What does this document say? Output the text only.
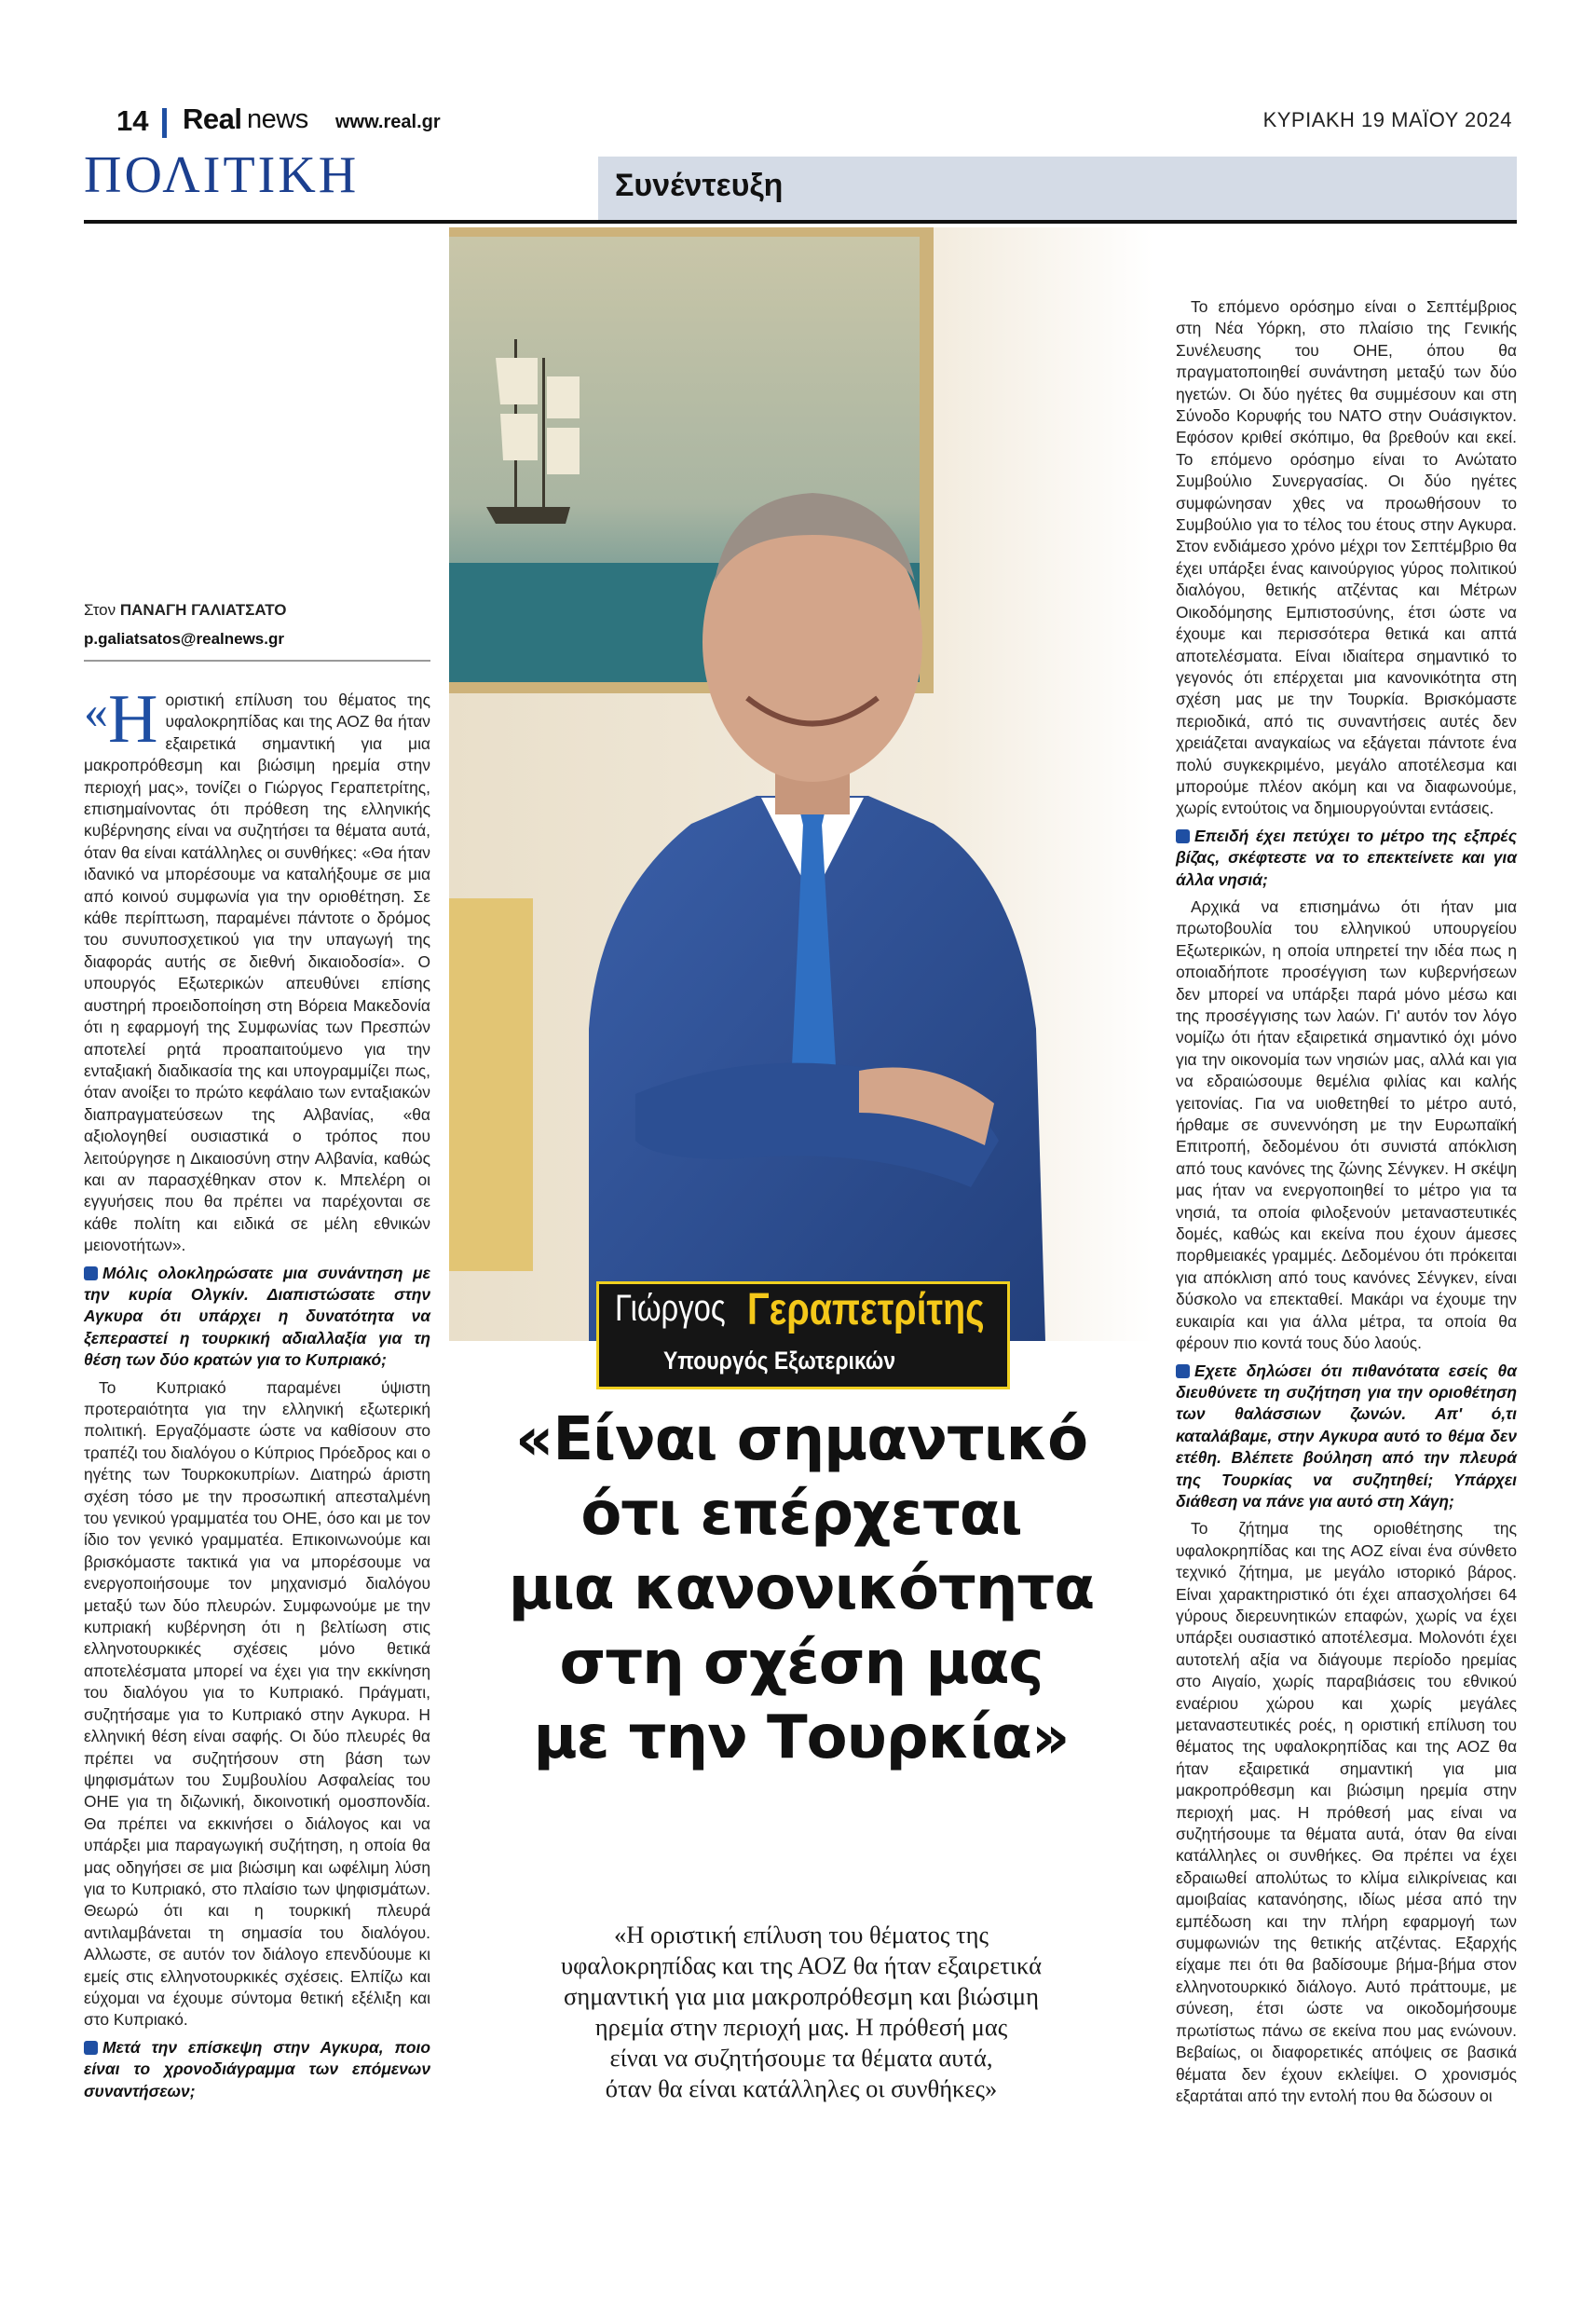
14 Real news www.real.gr	ΚΥΡΙΑΚΗ 19 ΜΑΪΟΥ 2024
ΠΟΛΙΤΙΚΗ	Συνέντευξη
Στον ΠΑΝΑΓΗ ΓΑΛΙΑΤΣΑΤΟ
p.galiatsatos@realnews.gr

« Η οριστική επίλυση του θέματος της υφαλοκρηπίδας και της ΑΟΖ θα ήταν εξαιρετικά σημαντική για μια μακροπρόθεσμη και βιώσιμη ηρεμία στην περιοχή μας», τονίζει ο Γιώργος Γεραπετρίτης, επισημαίνοντας ότι πρόθεση της ελληνικής κυβέρνησης είναι να συζητήσει τα θέματα αυτά, όταν θα είναι κατάλληλες οι συνθήκες: «Θα ήταν ιδανικό να μπορέσουμε να καταλήξουμε σε μια από κοινού συμφωνία για την οριοθέτηση. Σε κάθε περίπτωση, παραμένει πάντοτε ο δρόμος του συνυποσχετικού για την υπαγωγή της διαφοράς αυτής σε διεθνή δικαιοδοσία». Ο υπουργός Εξωτερικών απευθύνει επίσης αυστηρή προειδοποίηση στη Βόρεια Μακεδονία ότι η εφαρμογή της Συμφωνίας των Πρεσπών αποτελεί ρητά προαπαιτούμενο για την ενταξιακή διαδικασία της και υπογραμμίζει πως, όταν ανοίξει το πρώτο κεφάλαιο των ενταξιακών διαπραγματεύσεων της Αλβανίας, «θα αξιολογηθεί ουσιαστικά ο τρόπος που λειτούργησε η Δικαιοσύνη στην Αλβανία, καθώς και αν παρασχέθηκαν στον κ. Μπελέρη οι εγγυήσεις που θα πρέπει να παρέχονται σε κάθε πολίτη και ειδικά σε μέλη εθνικών μειονοτήτων».

Μόλις ολοκληρώσατε μια συνάντηση με την κυρία Ολγκίν. Διαπιστώσατε στην Αγκυρα ότι υπάρχει η δυνατότητα να ξεπεραστεί η τουρκική αδιαλλαξία για τη θέση των δύο κρατών για το Κυπριακό;

Το Κυπριακό παραμένει ύψιστη προτεραιότητα για την ελληνική εξωτερική πολιτική. Εργαζόμαστε ώστε να καθίσουν στο τραπέζι του διαλόγου ο Κύπριος Πρόεδρος και ο ηγέτης των Τουρκοκυπρίων. Διατηρώ άριστη σχέση τόσο με την προσωπική απεσταλμένη του γενικού γραμματέα του ΟΗΕ, όσο και με τον ίδιο τον γενικό γραμματέα. Επικοινωνούμε και βρισκόμαστε τακτικά για να μπορέσουμε να ενεργοποιήσουμε τον μηχανισμό διαλόγου μεταξύ των δύο πλευρών. Συμφωνούμε με την κυπριακή κυβέρνηση ότι η βελτίωση στις ελληνοτουρκικές σχέσεις μόνο θετικά αποτελέσματα μπορεί να έχει για την εκκίνηση του διαλόγου για το Κυπριακό. Πράγματι, συζητήσαμε για το Κυπριακό στην Αγκυρα. Η ελληνική θέση είναι σαφής. Οι δύο πλευρές θα πρέπει να συζητήσουν στη βάση των ψηφισμάτων του Συμβουλίου Ασφαλείας του ΟΗΕ για τη διζωνική, δικοινοτική ομοσπονδία. Θα πρέπει να εκκινήσει ο διάλογος και να υπάρξει μια παραγωγική συζήτηση, η οποία θα μας οδηγήσει σε μια βιώσιμη και ωφέλιμη λύση για το Κυπριακό, στο πλαίσιο των ψηφισμάτων. Θεωρώ ότι και η τουρκική πλευρά αντιλαμβάνεται τη σημασία του διαλόγου. Αλλωστε, σε αυτόν τον διάλογο επενδύουμε κι εμείς στις ελληνοτουρκικές σχέσεις. Ελπίζω και εύχομαι να έχουμε σύντομα θετική εξέλιξη και στο Κυπριακό.

Μετά την επίσκεψη στην Αγκυρα, ποιο είναι το χρονοδιάγραμμα των επόμενων συναντήσεων;

Το επόμενο ορόσημο είναι ο Σεπτέμβριος στη Νέα Υόρκη, στο πλαίσιο της Γενικής Συνέλευσης του ΟΗΕ, όπου θα πραγματοποιηθεί συνάντηση μεταξύ των δύο ηγετών. Οι δύο ηγέτες θα συμμέσουν και στη Σύνοδο Κορυφής του ΝΑΤΟ στην Ουάσιγκτον. Εφόσον κριθεί σκόπιμο, θα βρεθούν και εκεί. Το επόμενο ορόσημο είναι το Ανώτατο Συμβούλιο Συνεργασίας. Οι δύο ηγέτες συμφώνησαν χθες να προωθήσουν το Συμβούλιο για το τέλος του έτους στην Αγκυρα. Στον ενδιάμεσο χρόνο μέχρι τον Σεπτέμβριο θα έχει υπάρξει ένας καινούργιος γύρος πολιτικού διαλόγου, θετικής ατζέντας και Μέτρων Οικοδόμησης Εμπιστοσύνης, έτσι ώστε να έχουμε και περισσότερα θετικά και απτά αποτελέσματα. Είναι ιδιαίτερα σημαντικό το γεγονός ότι επέρχεται μια κανονικότητα στη σχέση μας με την Τουρκία. Βρισκόμαστε περιοδικά, από τις συναντήσεις αυτές δεν χρειάζεται αναγκαίως να εξάγεται πάντοτε ένα πολύ συγκεκριμένο, μεγάλο αποτέλεσμα και μπορούμε πλέον ακόμη και να διαφωνούμε, χωρίς εντούτοις να δημιουργούνται εντάσεις.

Επειδή έχει πετύχει το μέτρο της εξπρές βίζας, σκέφτεστε να το επεκτείνετε και για άλλα νησιά;

Αρχικά να επισημάνω ότι ήταν μια πρωτοβουλία του ελληνικού υπουργείου Εξωτερικών, η οποία υπηρετεί την ιδέα πως η οποιαδήποτε προσέγγιση των κυβερνήσεων δεν μπορεί να υπάρξει παρά μόνο μέσω και της προσέγγισης των λαών. Γι' αυτόν τον λόγο νομίζω ότι ήταν εξαιρετικά σημαντικό όχι μόνο για την οικονομία των νησιών μας, αλλά και για να εδραιώσουμε θεμέλια φιλίας και καλής γειτονίας. Για να υιοθετηθεί το μέτρο αυτό, ήρθαμε σε συνεννόηση με την Ευρωπαϊκή Επιτροπή, δεδομένου ότι συνιστά απόκλιση από τους κανόνες της ζώνης Σένγκεν. Η σκέψη μας ήταν να ενεργοποιηθεί το μέτρο για τα νησιά, τα οποία φιλοξενούν μεταναστευτικές δομές, καθώς και εκείνα που έχουν άμεσες πορθμειακές γραμμές. Δεδομένου ότι πρόκειται για απόκλιση από τους κανόνες Σένγκεν, είναι δύσκολο να επεκταθεί. Μακάρι να έχουμε την ευκαιρία και για άλλα μέτρα, τα οποία θα φέρουν πιο κοντά τους δύο λαούς.

Εχετε δηλώσει ότι πιθανότατα εσείς θα διευθύνετε τη συζήτηση για την οριοθέτηση των θαλάσσιων ζωνών. Απ' ό,τι καταλάβαμε, στην Αγκυρα αυτό το θέμα δεν ετέθη. Βλέπετε βούληση από την πλευρά της Τουρκίας να συζητηθεί; Υπάρχει διάθεση να πάνε για αυτό στη Χάγη;

Το ζήτημα της οριοθέτησης της υφαλοκρηπίδας και της ΑΟΖ είναι ένα σύνθετο τεχνικό ζήτημα, με μεγάλο ιστορικό βάρος. Είναι χαρακτηριστικό ότι έχει απασχολήσει 64 γύρους διερευνητικών επαφών, χωρίς να έχει υπάρξει ουσιαστικό αποτέλεσμα. Μολονότι έχει αυτοτελή αξία να διάγουμε περίοδο ηρεμίας στο Αιγαίο, χωρίς παραβιάσεις του εθνικού εναέριου χώρου και χωρίς μεγάλες μεταναστευτικές ροές, η οριστική επίλυση του θέματος της υφαλοκρηπίδας και της ΑΟΖ θα ήταν εξαιρετικά σημαντική για μια μακροπρόθεσμη και βιώσιμη ηρεμία στην περιοχή μας. Η πρόθεσή μας είναι να συζητήσουμε τα θέματα αυτά, όταν θα είναι κατάλληλες οι συνθήκες. Θα πρέπει να έχει εδραιωθεί απολύτως το κλίμα ειλικρίνειας και αμοιβαίας κατανόησης, ιδίως μέσα από την εμπέδωση και την πλήρη εφαρμογή των συμφωνιών της θετικής ατζέντας. Εξαρχής είχαμε πει ότι θα βαδίσουμε βήμα-βήμα στον ελληνοτουρκικό διάλογο. Αυτό πράττουμε, με σύνεση, έτσι ώστε να οικοδομήσουμε πρωτίστως πάνω σε εκείνα που μας ενώνουν. Βεβαίως, οι διαφορετικές απόψεις σε βασικά θέματα δεν έχουν εκλείψει. Ο χρονισμός εξαρτάται από την εντολή που θα δώσουν οι

Γιώργος Γεραπετρίτης
Υπουργός Εξωτερικών
«Είναι σημαντικό
ότι επέρχεται
μια κανονικότητα
στη σχέση μας
με την Τουρκία»
«Η οριστική επίλυση του θέματος της
υφαλοκρηπίδας και της ΑΟΖ θα ήταν εξαιρετικά
σημαντική για μια μακροπρόθεσμη και βιώσιμη
ηρεμία στην περιοχή μας. Η πρόθεσή μας
είναι να συζητήσουμε τα θέματα αυτά,
όταν θα είναι κατάλληλες οι συνθήκες»
